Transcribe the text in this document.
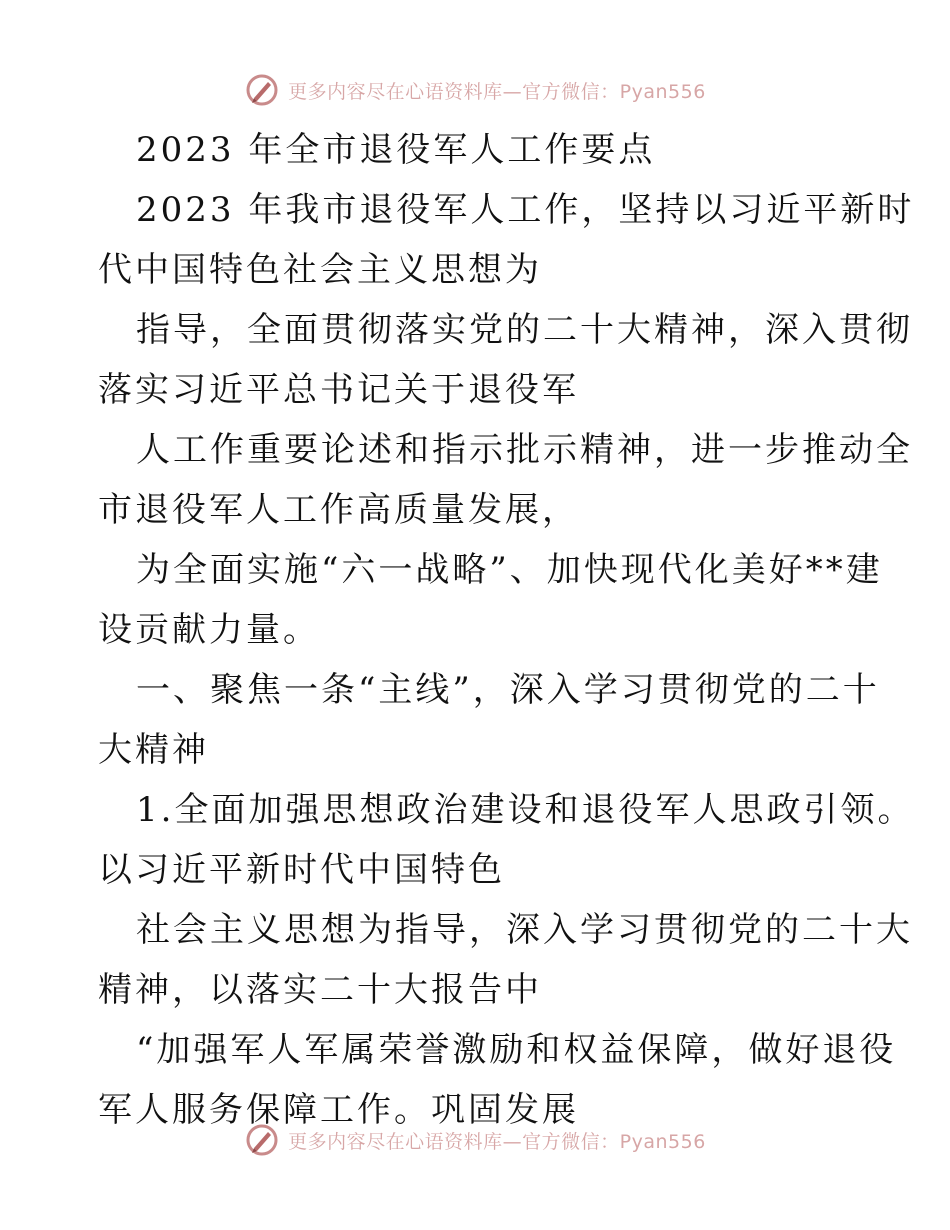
更多内容尽在心语资料库—官方微信：Pyan556

2023 年全市退役军人工作要点

2023 年我市退役军人工作，坚持以习近平新时

代中国特色社会主义思想为

指导，全面贯彻落实党的二十大精神，深入贯彻

落实习近平总书记关于退役军

人工作重要论述和指示批示精神，进一步推动全

市退役军人工作高质量发展，

为全面实施“六一战略”、加快现代化美好**建

设贡献力量。

一、聚焦一条“主线”，深入学习贯彻党的二十

大精神

1.全面加强思想政治建设和退役军人思政引领。

以习近平新时代中国特色

社会主义思想为指导，深入学习贯彻党的二十大

精神，以落实二十大报告中

“加强军人军属荣誉激励和权益保障，做好退役

军人服务保障工作。巩固发展

更多内容尽在心语资料库—官方微信：Pyan556
